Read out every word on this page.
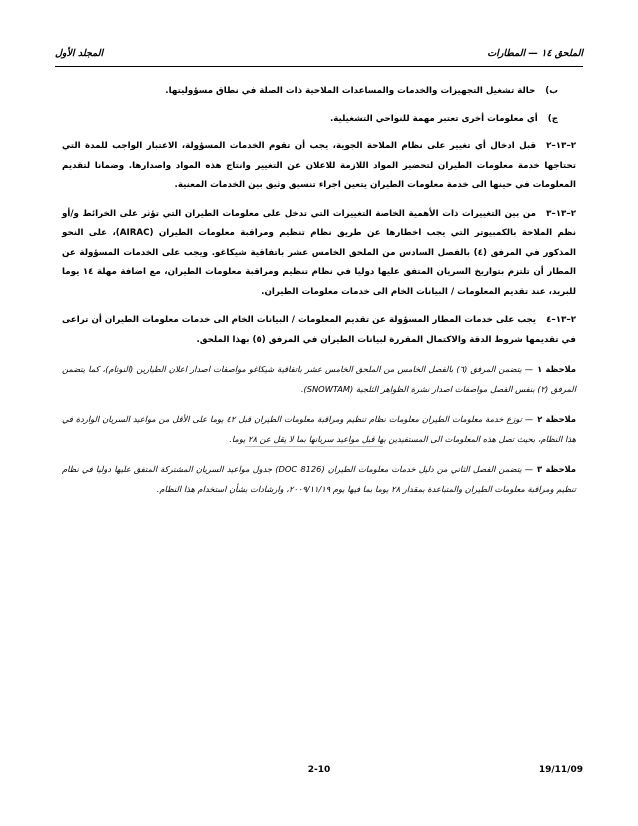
الملحق ١٤ — المطارات
المجلد الأول

ب)حالة تشغيل التجهيزات والخدمات والمساعدات الملاحية ذات الصلة في نطاق مسؤوليتها.

ج)أي معلومات أخرى تعتبر مهمة للنواحي التشغيلية.

٢–١٣–٢قبل ادخال أي تغيير على نظام الملاحة الجوية، يجب أن تقوم الخدمات المسؤولة، الاعتبار الواجب للمدة التي تحتاجها خدمة معلومات الطيران لتحضير المواد اللازمة للاعلان عن التغيير وانتاج هذه المواد واصدارها. وضمانا لتقديم المعلومات في حينها الى خدمة معلومات الطيران يتعين اجراء تنسيق وثيق بين الخدمات المعنية.

٢–١٣–٣من بين التغييرات ذات الأهمية الخاصة التغييرات التي تدخل على معلومات الطيران التي تؤثر على الخرائط و/أو نظم الملاحة بالكمبيوتر التي يجب اخطارها عن طريق نظام تنظيم ومراقبة معلومات الطيران (AIRAC)، على النحو المذكور في المرفق (٤) بالفصل السادس من الملحق الخامس عشر باتفاقية شيكاغو. ويجب على الخدمات المسؤولة عن المطار أن تلتزم بتواريخ السريان المتفق عليها دوليا في نظام تنظيم ومراقبة معلومات الطيران، مع اضافة مهلة ١٤ يوما للبريد، عند تقديم المعلومات / البيانات الخام الى خدمات معلومات الطيران.

٢–١٣–٤يجب على خدمات المطار المسؤولة عن تقديم المعلومات / البيانات الخام الى خدمات معلومات الطيران أن تراعى في تقديمها شروط الدقة والاكتمال المقررة لبيانات الطيران في المرفق (٥) بهذا الملحق.

ملاحظة ١— يتضمن المرفق (٦) بالفصل الخامس من الملحق الخامس عشر باتفاقية شيكاغو مواصفات اصدار اعلان الطيارين (النوتام)، كما يتضمن المرفق (٢) بنفس الفصل مواصفات اصدار نشرة الظواهر الثلجية (SNOWTAM).

ملاحظة ٢— توزع خدمة معلومات الطيران معلومات نظام تنظيم ومراقبة معلومات الطيران قبل ٤٢ يوما على الأقل من مواعيد السريان الواردة في هذا النظام، بحيث تصل هذه المعلومات الى المستفيدين بها قبل مواعيد سريانها بما لا يقل عن ٢٨ يوما.

ملاحظة ٣— يتضمن الفصل الثاني من دليل خدمات معلومات الطيران (DOC 8126) جدول مواعيد السريان المشتركة المتفق عليها دوليا في نظام تنظيم ومراقبة معلومات الطيران والمتباعدة بمقدار ٢٨ يوما بما فيها يوم ٢٠٠٩/١١/١٩، وارشادات بشأن استخدام هذا النظام.

19/11/09
2-10
